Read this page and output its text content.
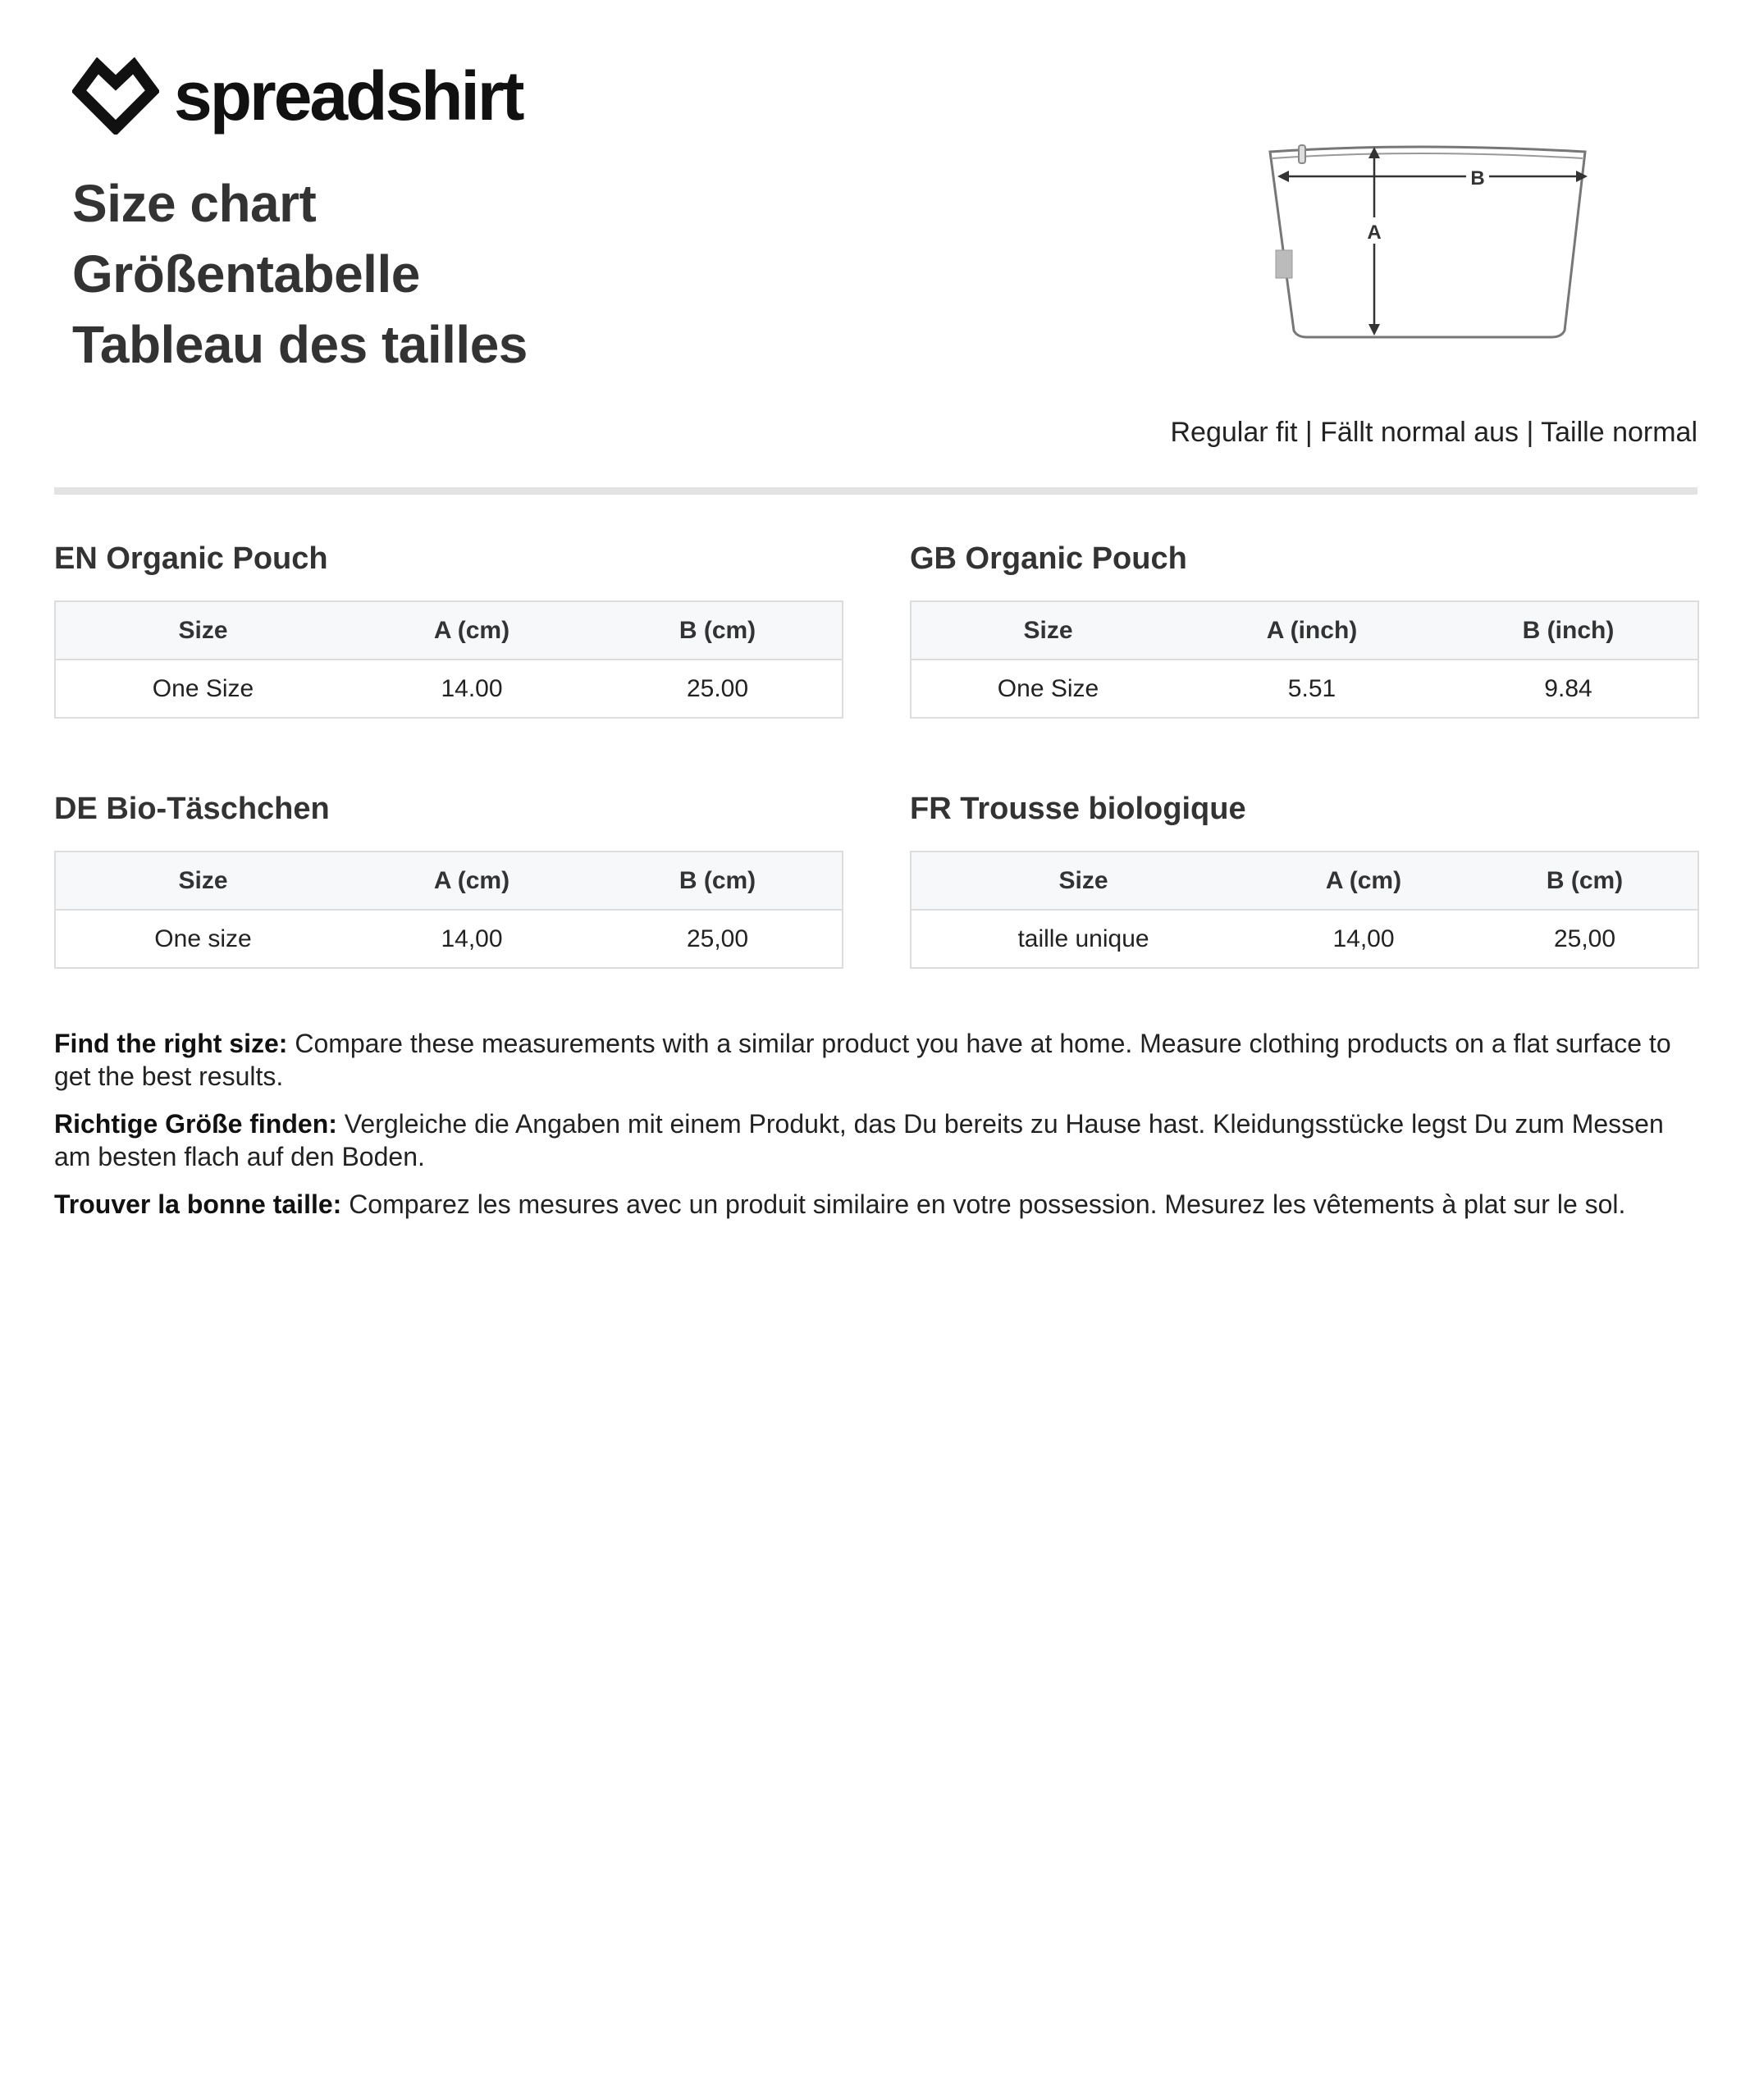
spreadshirt
Size chart
Größentabelle
Tableau des tailles
B
A
Regular fit | Fällt normal aus | Taille normal
EN Organic Pouch
Size	A (cm)	B (cm)
One Size	14.00	25.00
GB Organic Pouch
Size	A (inch)	B (inch)
One Size	5.51	9.84
DE Bio-Täschchen
Size	A (cm)	B (cm)
One size	14,00	25,00
FR Trousse biologique
Size	A (cm)	B (cm)
taille unique	14,00	25,00

Find the right size: Compare these measurements with a similar product you have at home. Measure clothing products on a flat surface to get the best results.

Richtige Größe finden: Vergleiche die Angaben mit einem Produkt, das Du bereits zu Hause hast. Kleidungsstücke legst Du zum Messen am besten flach auf den Boden.

Trouver la bonne taille: Comparez les mesures avec un produit similaire en votre possession. Mesurez les vêtements à plat sur le sol.
